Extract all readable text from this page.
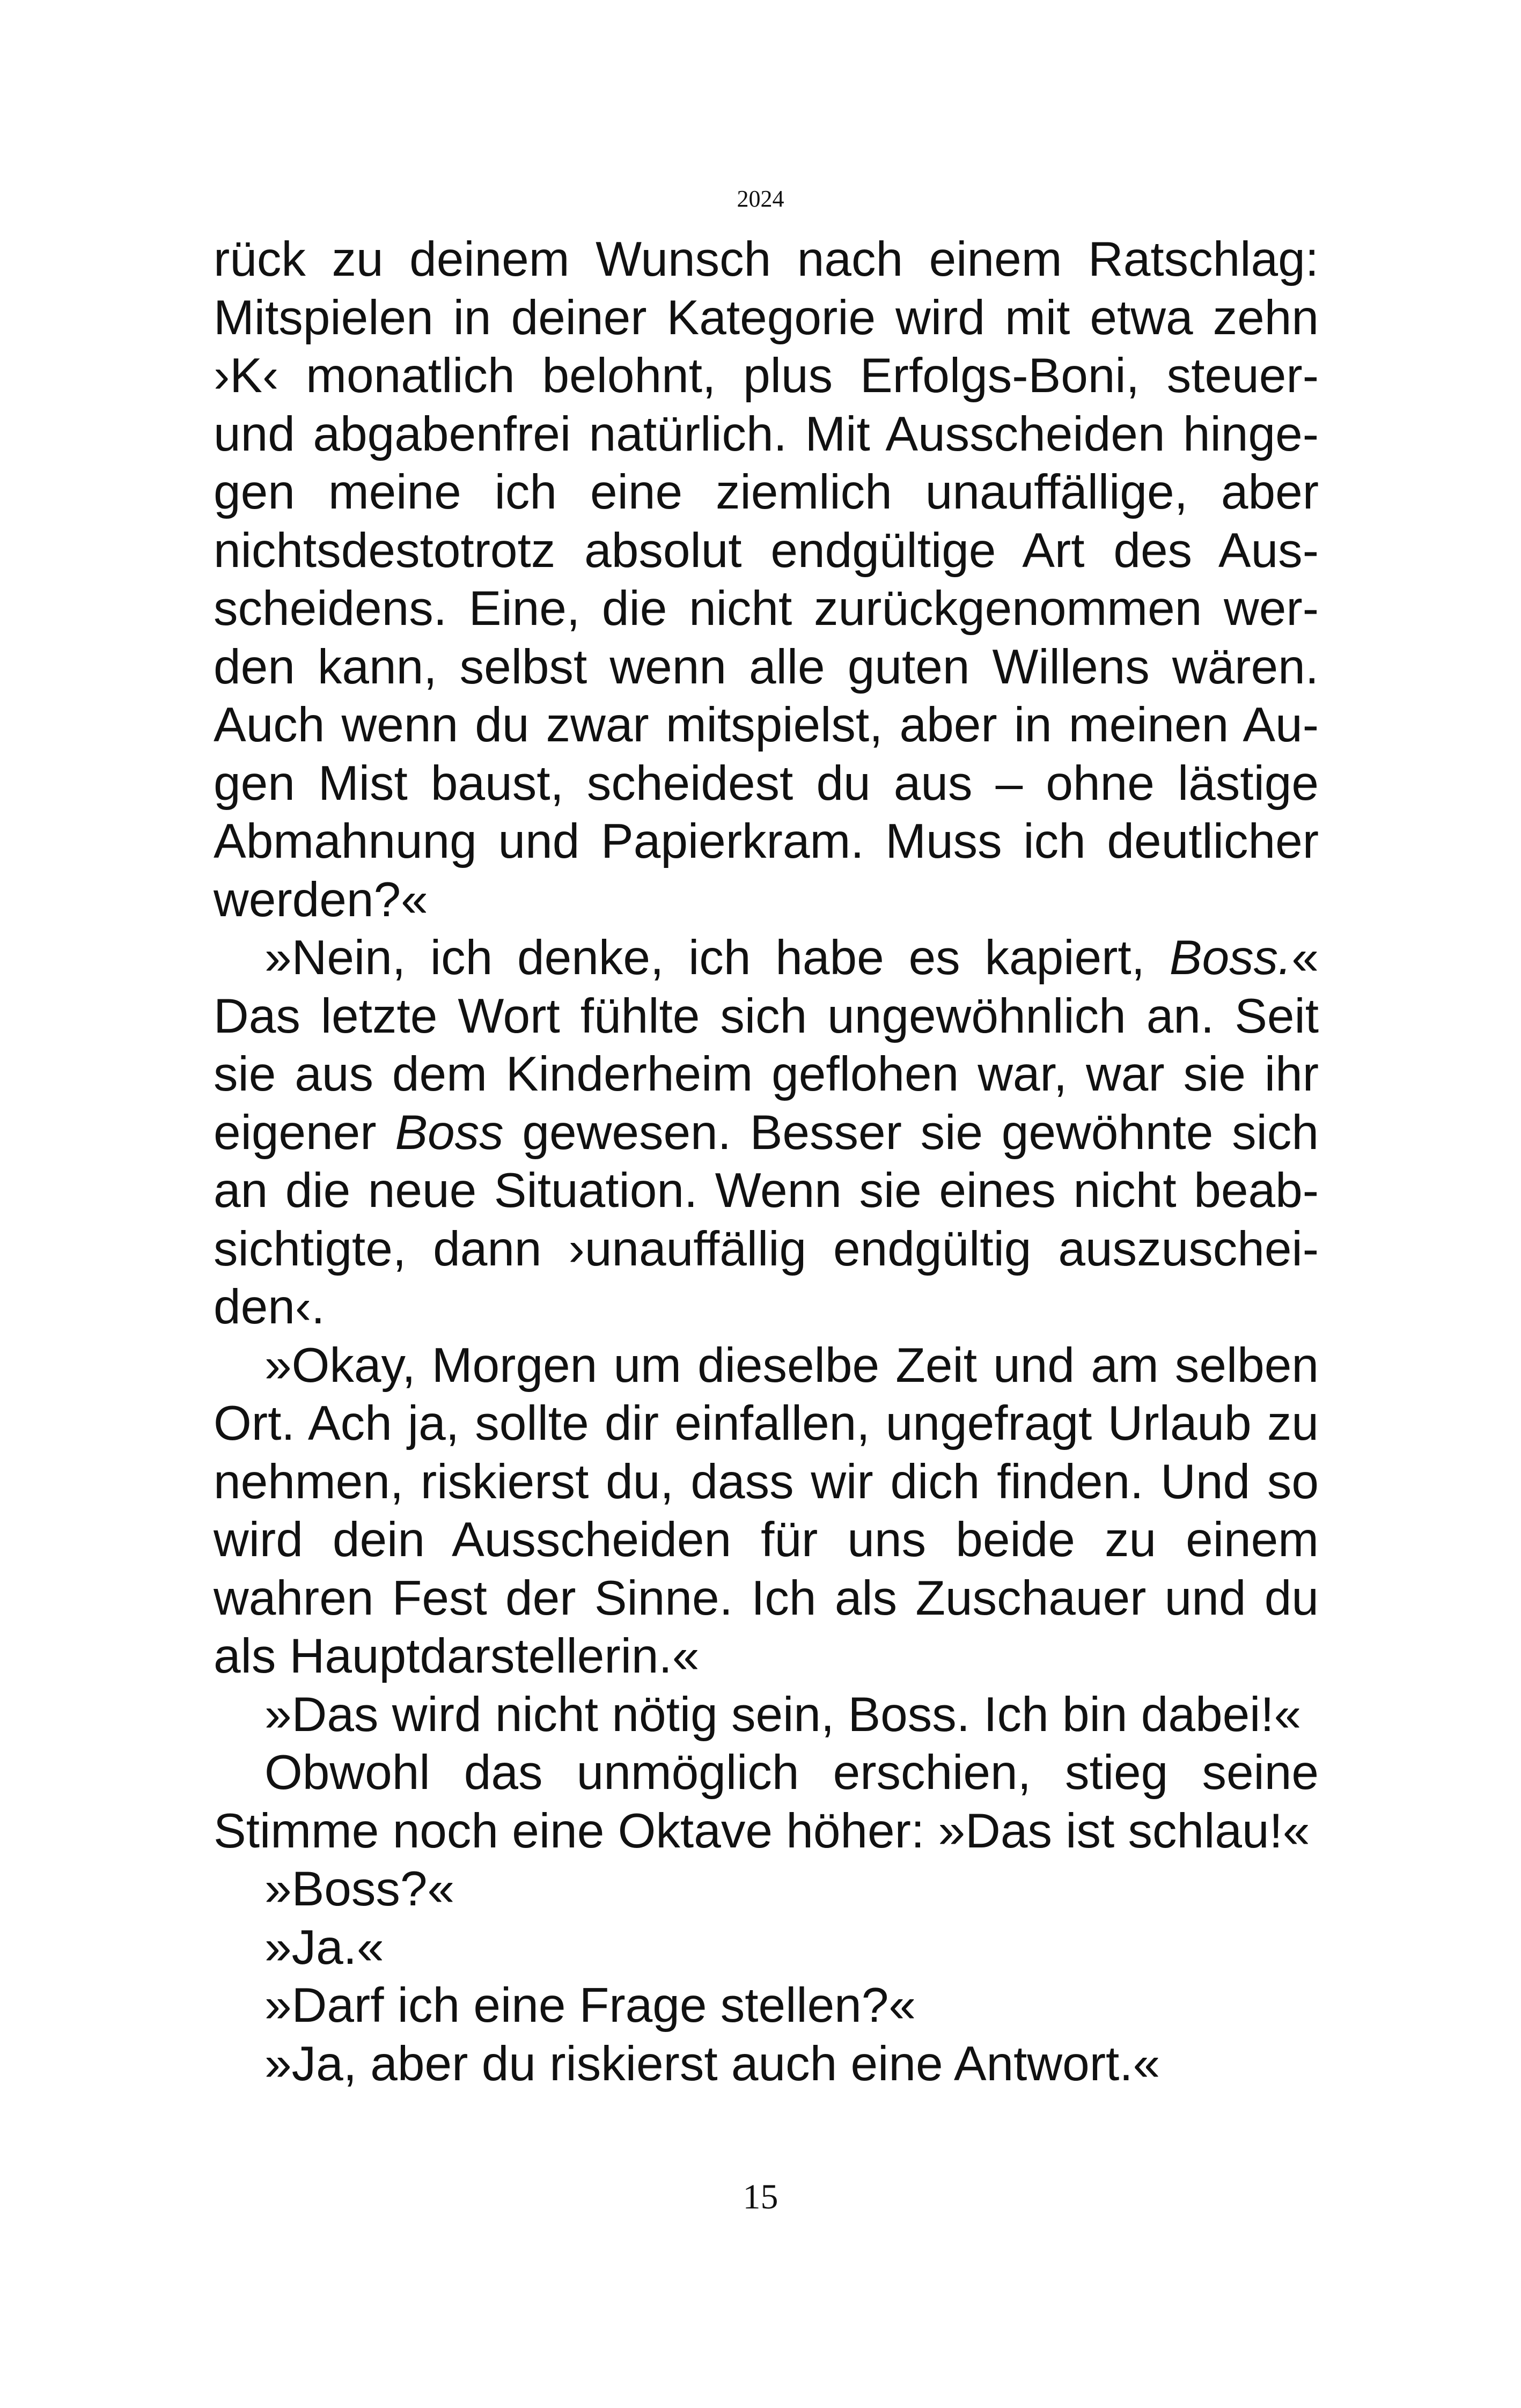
2024

rück zu deinem Wunsch nach einem Ratschlag: Mitspielen in deiner Kategorie wird mit etwa zehn ›K‹ monatlich belohnt, plus Erfolgs-Boni, steuer- und abgabenfrei natürlich. Mit Ausscheiden hingegen meine ich eine ziemlich unauffällige, aber nichtsdestotrotz absolut endgültige Art des Ausscheidens. Eine, die nicht zurückgenommen werden kann, selbst wenn alle guten Willens wären. Auch wenn du zwar mitspielst, aber in meinen Augen Mist baust, scheidest du aus – ohne lästige Abmahnung und Papierkram. Muss ich deutlicher werden?«

»Nein, ich denke, ich habe es kapiert, Boss.« Das letzte Wort fühlte sich ungewöhnlich an. Seit sie aus dem Kinderheim geflohen war, war sie ihr eigener Boss gewesen. Besser sie gewöhnte sich an die neue Situation. Wenn sie eines nicht beabsichtigte, dann ›unauffällig endgültig auszuscheiden‹.

»Okay, Morgen um dieselbe Zeit und am selben Ort. Ach ja, sollte dir einfallen, ungefragt Urlaub zu nehmen, riskierst du, dass wir dich finden. Und so wird dein Ausscheiden für uns beide zu einem wahren Fest der Sinne. Ich als Zuschauer und du als Hauptdarstellerin.«

»Das wird nicht nötig sein, Boss. Ich bin dabei!«

Obwohl das unmöglich erschien, stieg seine Stimme noch eine Oktave höher: »Das ist schlau!«

»Boss?«

»Ja.«

»Darf ich eine Frage stellen?«

»Ja, aber du riskierst auch eine Antwort.«

15
